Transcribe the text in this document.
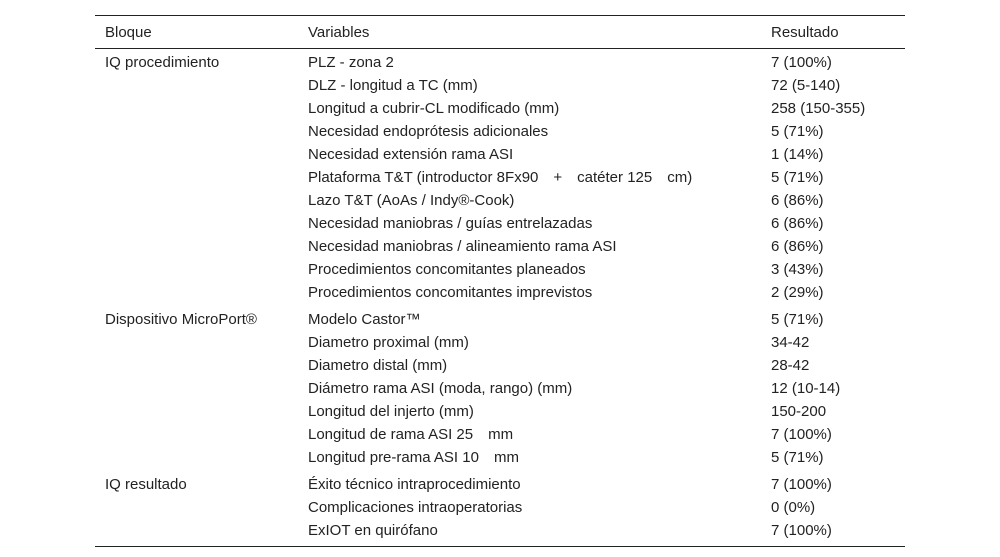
Bloque	Variables	Resultado
IQ procedimiento	PLZ - zona 2	7 (100%)
	DLZ - longitud a TC (mm)	72 (5-140)
	Longitud a cubrir-CL modificado (mm)	258 (150-355)
	Necesidad endoprótesis adicionales	5 (71%)
	Necesidad extensión rama ASI	1 (14%)
	Plataforma T&T (introductor 8Fx90     +     catéter 125     cm)	5 (71%)
	Lazo T&T (AoAs / Indy®-Cook)	6 (86%)
	Necesidad maniobras / guías entrelazadas	6 (86%)
	Necesidad maniobras / alineamiento rama ASI	6 (86%)
	Procedimientos concomitantes planeados	3 (43%)
	Procedimientos concomitantes imprevistos	2 (29%)
Dispositivo MicroPort®	Modelo Castor™	5 (71%)
	Diametro proximal (mm)	34-42
	Diametro distal (mm)	28-42
	Diámetro rama ASI (moda, rango) (mm)	12 (10-14)
	Longitud del injerto (mm)	150-200
	Longitud de rama ASI 25     mm	7 (100%)
	Longitud pre-rama ASI 10     mm	5 (71%)
IQ resultado	Éxito técnico intraprocedimiento	7 (100%)
	Complicaciones intraoperatorias	0 (0%)
	ExIOT en quirófano	7 (100%)
